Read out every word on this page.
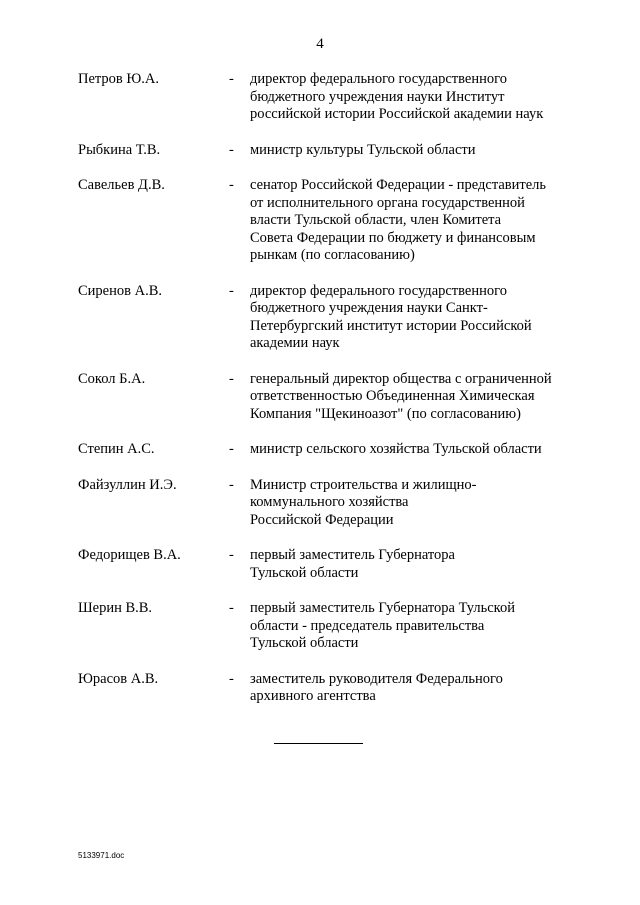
4
Петров Ю.А.	- директор федерального государственного
бюджетного учреждения науки Институт
российской истории Российской академии наук
Рыбкина Т.В.	- министр культуры Тульской области
Савельев Д.В.	- сенатор Российской Федерации - представитель
от исполнительного органа государственной
власти Тульской области, член Комитета
Совета Федерации по бюджету и финансовым
рынкам (по согласованию)
Сиренов А.В.	- директор федерального государственного
бюджетного учреждения науки Санкт-
Петербургский институт истории Российской
академии наук
Сокол Б.А.	- генеральный директор общества с ограниченной
ответственностью Объединенная Химическая
Компания "Щекиноазот" (по согласованию)
Степин А.С.	- министр сельского хозяйства Тульской области
Файзуллин И.Э.	- Министр строительства и жилищно-
коммунального хозяйства
Российской Федерации
Федорищев В.А.	- первый заместитель Губернатора
Тульской области
Шерин В.В.	- первый заместитель Губернатора Тульской
области - председатель правительства
Тульской области
Юрасов А.В.	- заместитель руководителя Федерального
архивного агентства
5133971.doc
